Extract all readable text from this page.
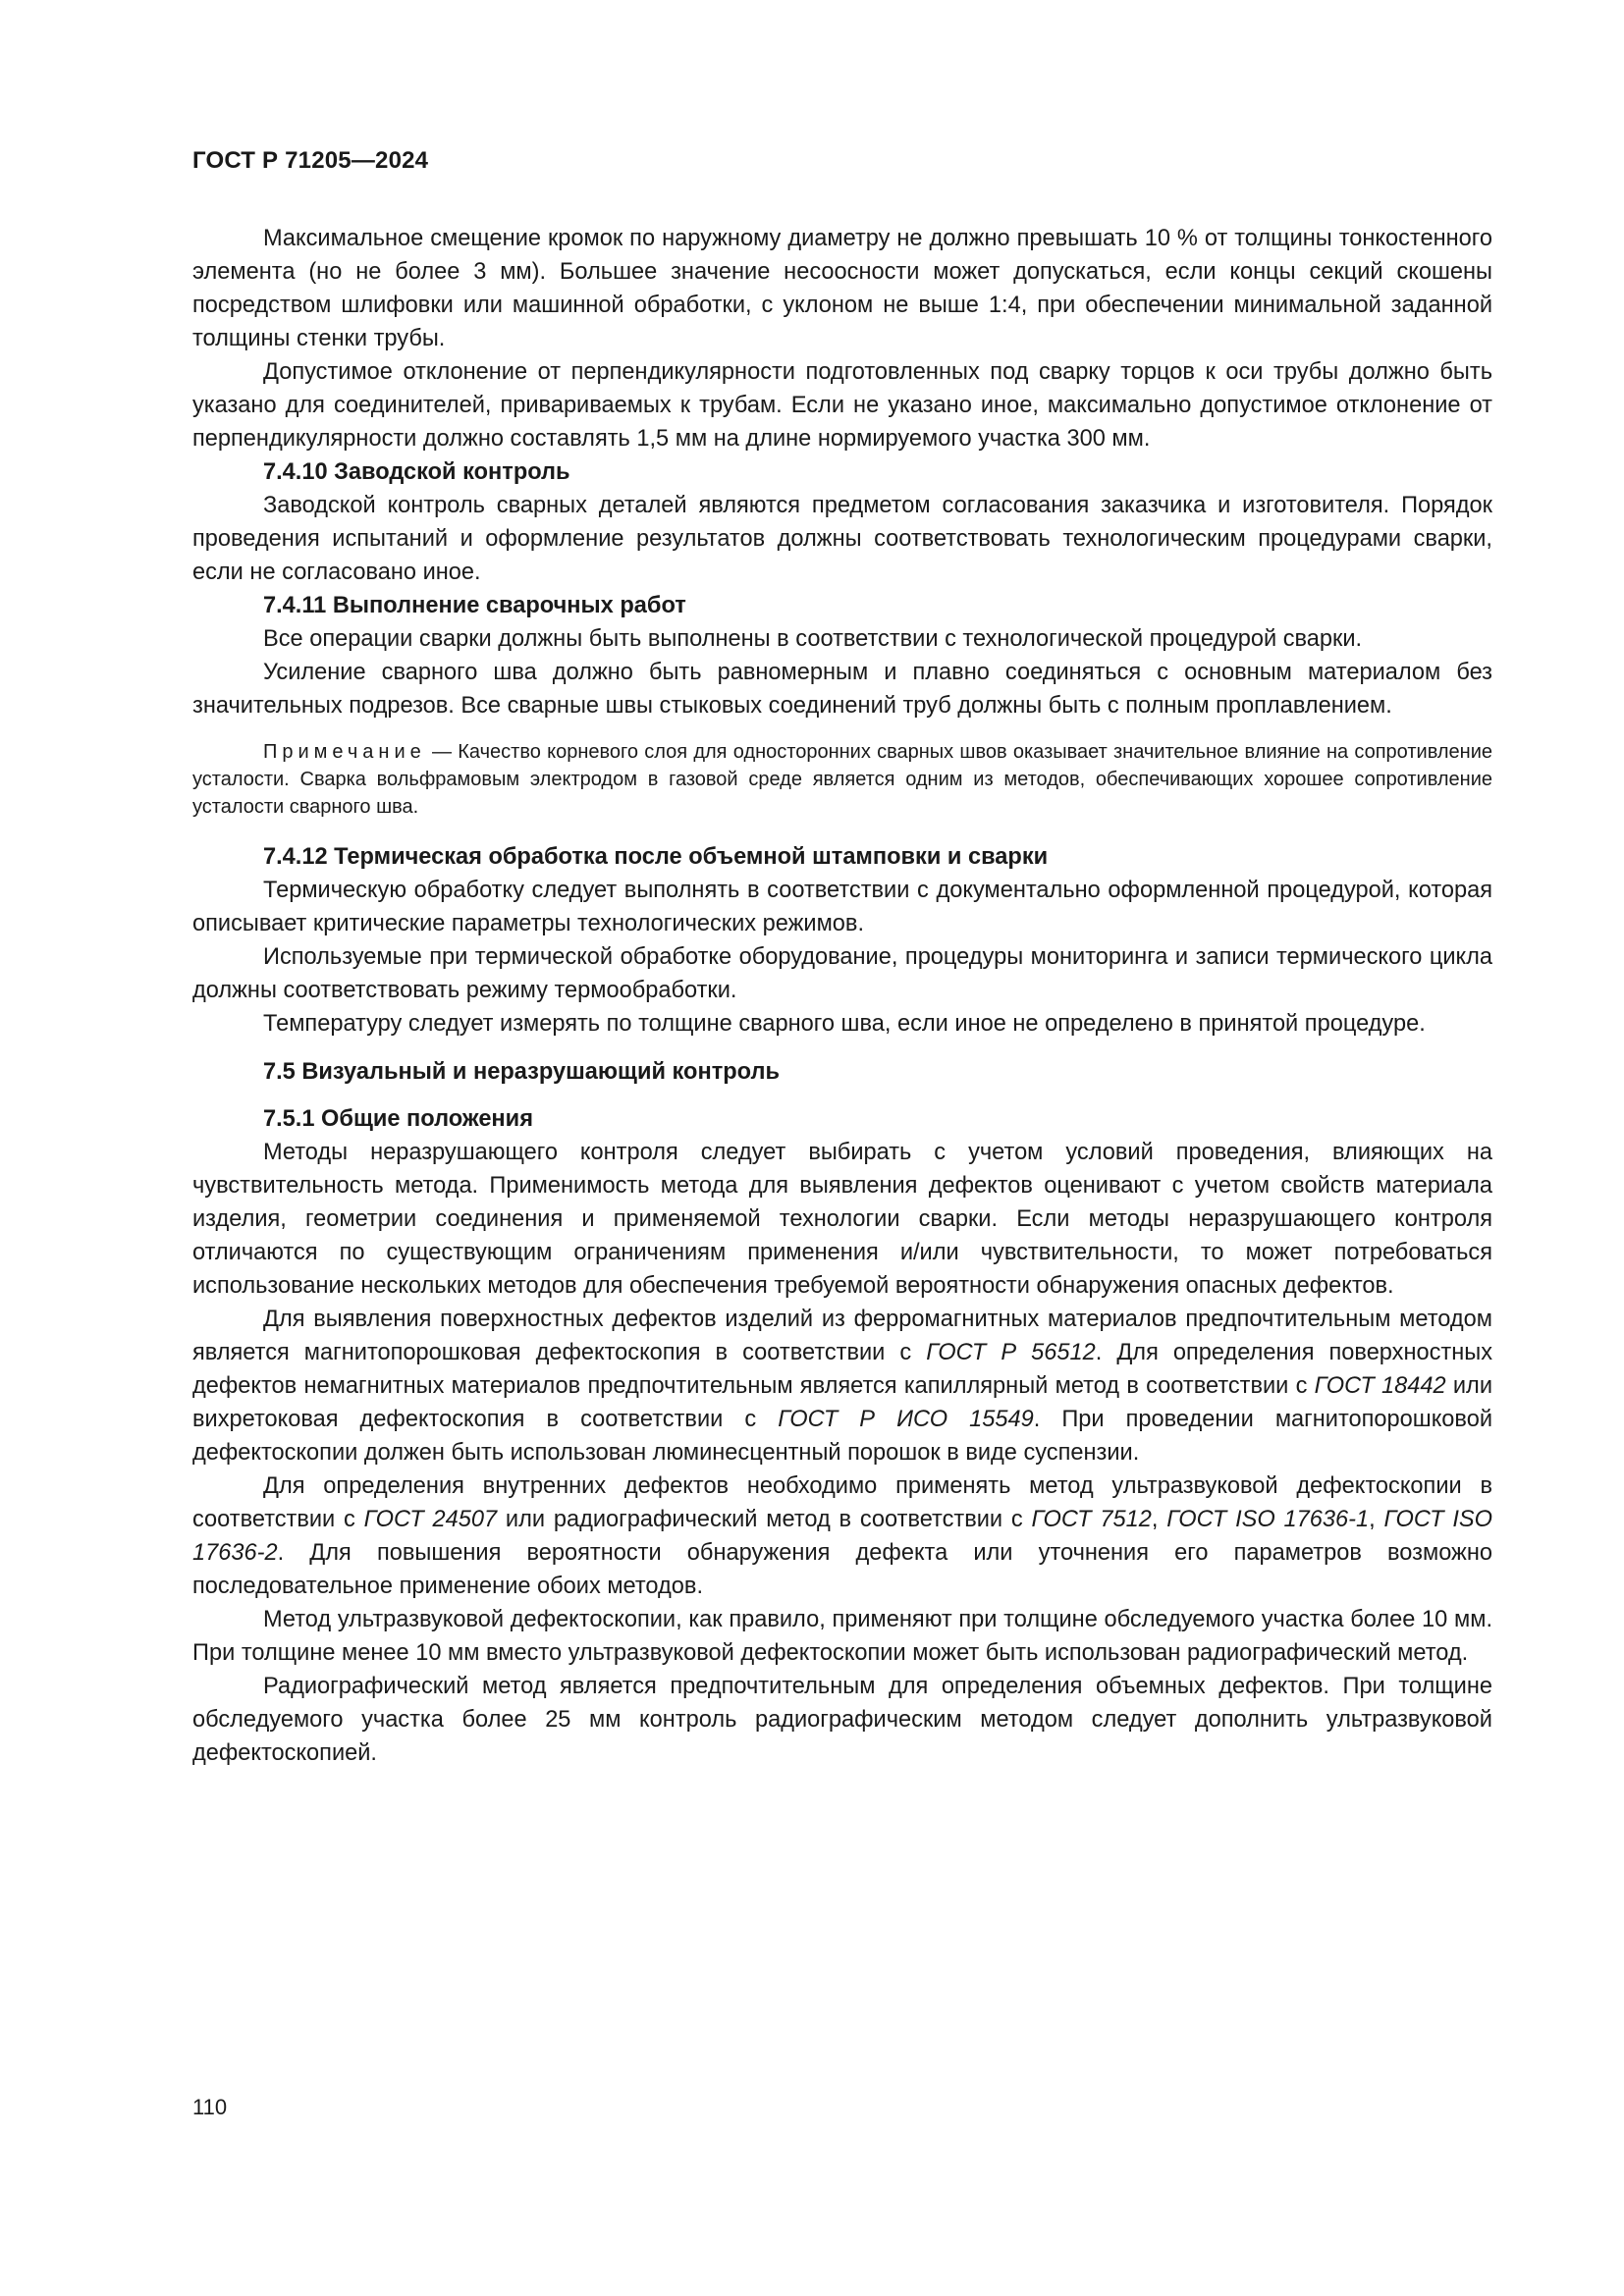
ГОСТ Р 71205—2024

Максимальное смещение кромок по наружному диаметру не должно превышать 10 % от толщины тонкостенного элемента (но не более 3 мм). Большее значение несоосности может допускаться, если концы секций скошены посредством шлифовки или машинной обработки, с уклоном не выше 1:4, при обеспечении минимальной заданной толщины стенки трубы.

Допустимое отклонение от перпендикулярности подготовленных под сварку торцов к оси трубы должно быть указано для соединителей, привариваемых к трубам. Если не указано иное, максимально допустимое отклонение от перпендикулярности должно составлять 1,5 мм на длине нормируемого участка 300 мм.

7.4.10 Заводской контроль

Заводской контроль сварных деталей являются предметом согласования заказчика и изготовителя. Порядок проведения испытаний и оформление результатов должны соответствовать технологическим процедурами сварки, если не согласовано иное.

7.4.11 Выполнение сварочных работ

Все операции сварки должны быть выполнены в соответствии с технологической процедурой сварки.

Усиление сварного шва должно быть равномерным и плавно соединяться с основным материалом без значительных подрезов. Все сварные швы стыковых соединений труб должны быть с полным проплавлением.

Примечание — Качество корневого слоя для односторонних сварных швов оказывает значительное влияние на сопротивление усталости. Сварка вольфрамовым электродом в газовой среде является одним из методов, обеспечивающих хорошее сопротивление усталости сварного шва.

7.4.12 Термическая обработка после объемной штамповки и сварки

Термическую обработку следует выполнять в соответствии с документально оформленной процедурой, которая описывает критические параметры технологических режимов.

Используемые при термической обработке оборудование, процедуры мониторинга и записи термического цикла должны соответствовать режиму термообработки.

Температуру следует измерять по толщине сварного шва, если иное не определено в принятой процедуре.

7.5 Визуальный и неразрушающий контроль

7.5.1 Общие положения

Методы неразрушающего контроля следует выбирать с учетом условий проведения, влияющих на чувствительность метода. Применимость метода для выявления дефектов оценивают с учетом свойств материала изделия, геометрии соединения и применяемой технологии сварки. Если методы неразрушающего контроля отличаются по существующим ограничениям применения и/или чувствительности, то может потребоваться использование нескольких методов для обеспечения требуемой вероятности обнаружения опасных дефектов.

Для выявления поверхностных дефектов изделий из ферромагнитных материалов предпочтительным методом является магнитопорошковая дефектоскопия в соответствии с ГОСТ Р 56512. Для определения поверхностных дефектов немагнитных материалов предпочтительным является капиллярный метод в соответствии с ГОСТ 18442 или вихретоковая дефектоскопия в соответствии с ГОСТ Р ИСО 15549. При проведении магнитопорошковой дефектоскопии должен быть использован люминесцентный порошок в виде суспензии.

Для определения внутренних дефектов необходимо применять метод ультразвуковой дефектоскопии в соответствии с ГОСТ 24507 или радиографический метод в соответствии с ГОСТ 7512, ГОСТ ISO 17636-1, ГОСТ ISO 17636-2. Для повышения вероятности обнаружения дефекта или уточнения его параметров возможно последовательное применение обоих методов.

Метод ультразвуковой дефектоскопии, как правило, применяют при толщине обследуемого участка более 10 мм. При толщине менее 10 мм вместо ультразвуковой дефектоскопии может быть использован радиографический метод.

Радиографический метод является предпочтительным для определения объемных дефектов. При толщине обследуемого участка более 25 мм контроль радиографическим методом следует дополнить ультразвуковой дефектоскопией.

110
